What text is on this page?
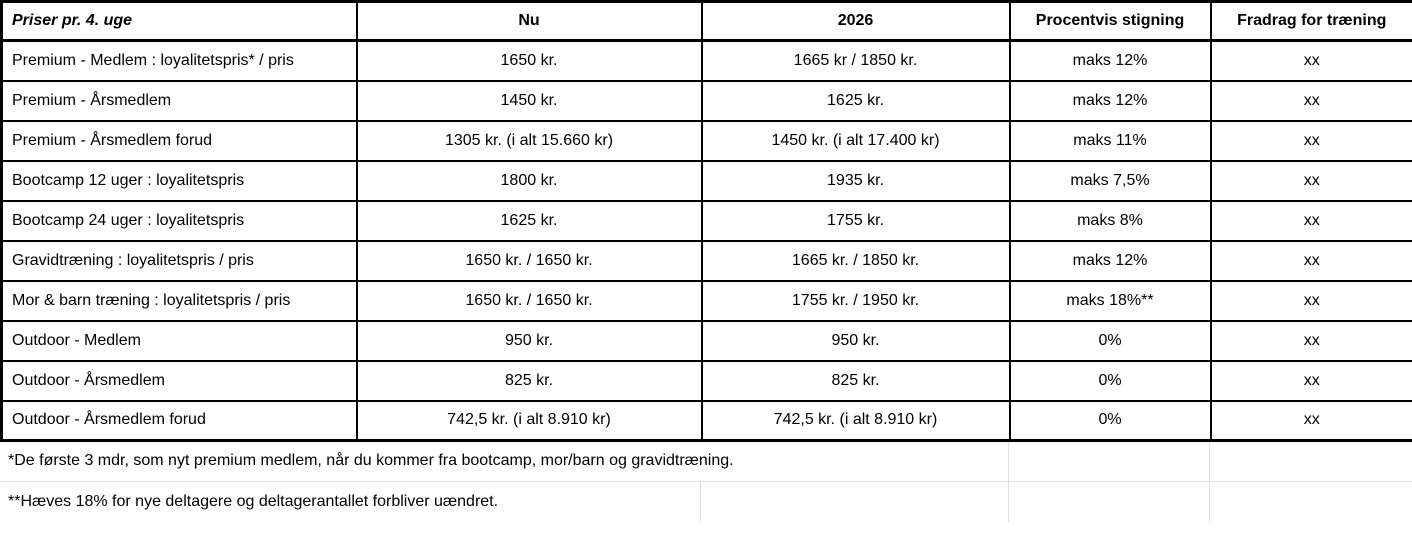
Priser pr. 4. uge	Nu	2026	Procentvis stigning	Fradrag for træning
Premium - Medlem : loyalitetspris* / pris	1650 kr.	1665 kr / 1850 kr.	maks 12%	xx
Premium - Årsmedlem	1450 kr.	1625 kr.	maks 12%	xx
Premium - Årsmedlem forud	1305 kr. (i alt 15.660 kr)	1450 kr. (i alt 17.400 kr)	maks 11%	xx
Bootcamp 12 uger : loyalitetspris	1800 kr.	1935 kr.	maks 7,5%	xx
Bootcamp 24 uger : loyalitetspris	1625 kr.	1755 kr.	maks 8%	xx
Gravidtræning : loyalitetspris / pris	1650 kr. / 1650 kr.	1665 kr. / 1850 kr.	maks 12%	xx
Mor & barn træning : loyalitetspris / pris	1650 kr. / 1650 kr.	1755 kr. / 1950 kr.	maks 18%**	xx
Outdoor - Medlem	950 kr.	950 kr.	0%	xx
Outdoor - Årsmedlem	825 kr.	825 kr.	0%	xx
Outdoor - Årsmedlem forud	742,5 kr. (i alt 8.910 kr)	742,5 kr. (i alt 8.910 kr)	0%	xx
*De første 3 mdr, som nyt premium medlem, når du kommer fra bootcamp, mor/barn og gravidtræning.			
**Hæves 18% for nye deltagere og deltagerantallet forbliver uændret.			
